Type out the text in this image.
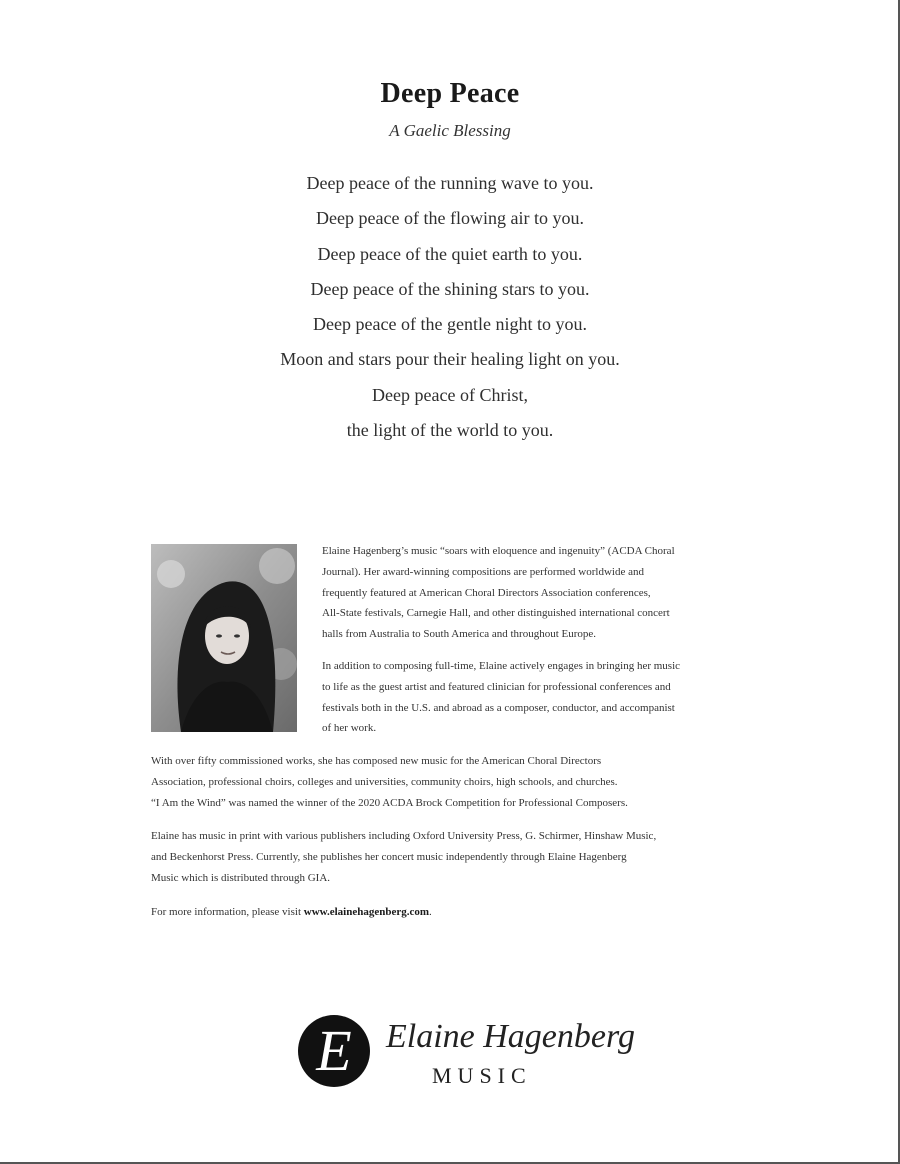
Deep Peace
A Gaelic Blessing
Deep peace of the running wave to you.
Deep peace of the flowing air to you.
Deep peace of the quiet earth to you.
Deep peace of the shining stars to you.
Deep peace of the gentle night to you.
Moon and stars pour their healing light on you.
Deep peace of Christ,
the light of the world to you.
Elaine Hagenberg’s music “soars with eloquence and ingenuity” (ACDA Choral
Journal). Her award-winning compositions are performed worldwide and
frequently featured at American Choral Directors Association conferences,
All-State festivals, Carnegie Hall, and other distinguished international concert
halls from Australia to South America and throughout Europe.
In addition to composing full-time, Elaine actively engages in bringing her music
to life as the guest artist and featured clinician for professional conferences and
festivals both in the U.S. and abroad as a composer, conductor, and accompanist
of her work.
With over fifty commissioned works, she has composed new music for the American Choral Directors
Association, professional choirs, colleges and universities, community choirs, high schools, and churches.
“I Am the Wind” was named the winner of the 2020 ACDA Brock Competition for Professional Composers.
Elaine has music in print with various publishers including Oxford University Press, G. Schirmer, Hinshaw Music,
and Beckenhorst Press. Currently, she publishes her concert music independently through Elaine Hagenberg
Music which is distributed through GIA.
For more information, please visit www.elainehagenberg.com.
E	Elaine Hagenberg
MUSIC
